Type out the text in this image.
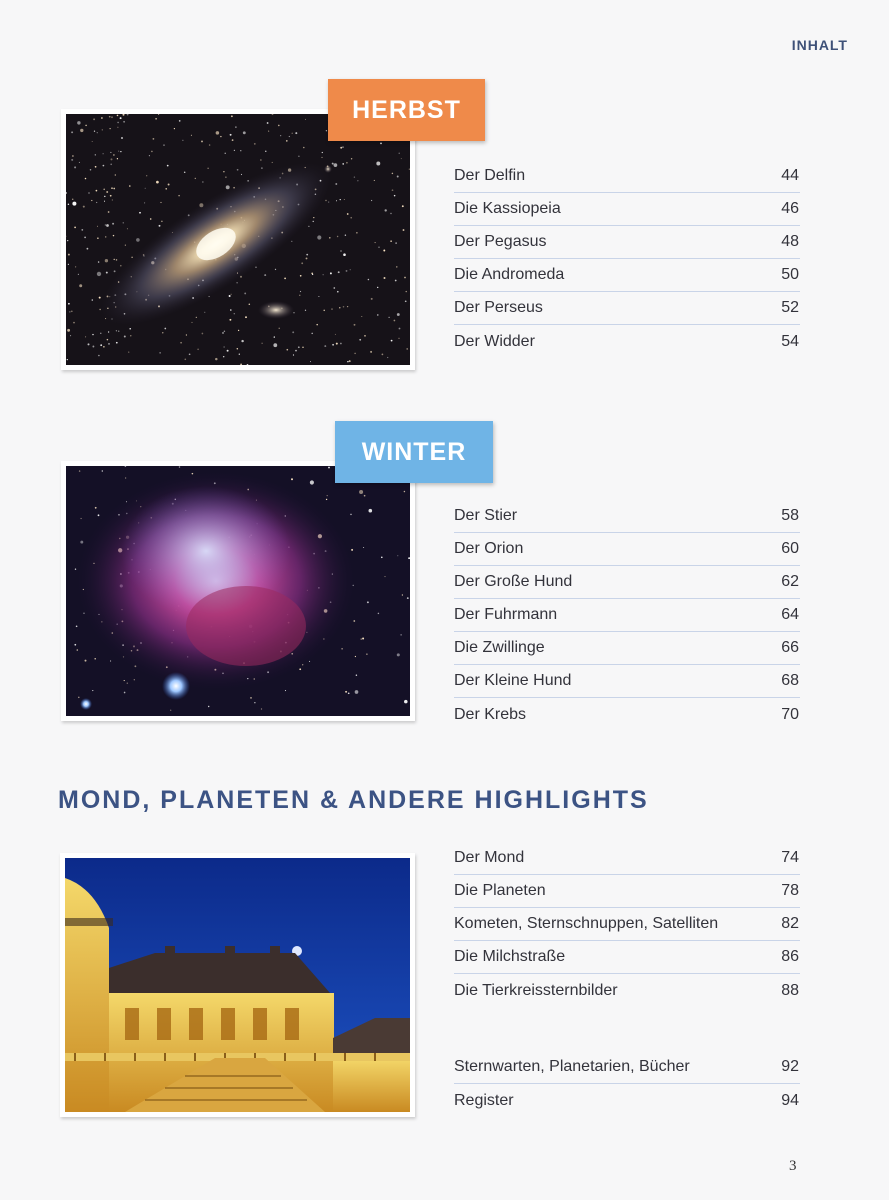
INHALT
HERBST
Der Delfin	44
Die Kassiopeia	46
Der Pegasus	48
Die Andromeda	50
Der Perseus	52
Der Widder	54
WINTER
Der Stier	58
Der Orion	60
Der Große Hund	62
Der Fuhrmann	64
Die Zwillinge	66
Der Kleine Hund	68
Der Krebs	70
MOND, PLANETEN & ANDERE HIGHLIGHTS
Der Mond	74
Die Planeten	78
Kometen, Sternschnuppen, Satelliten	82
Die Milchstraße	86
Die Tierkreissternbilder	88
Sternwarten, Planetarien, Bücher	92
Register	94
3
